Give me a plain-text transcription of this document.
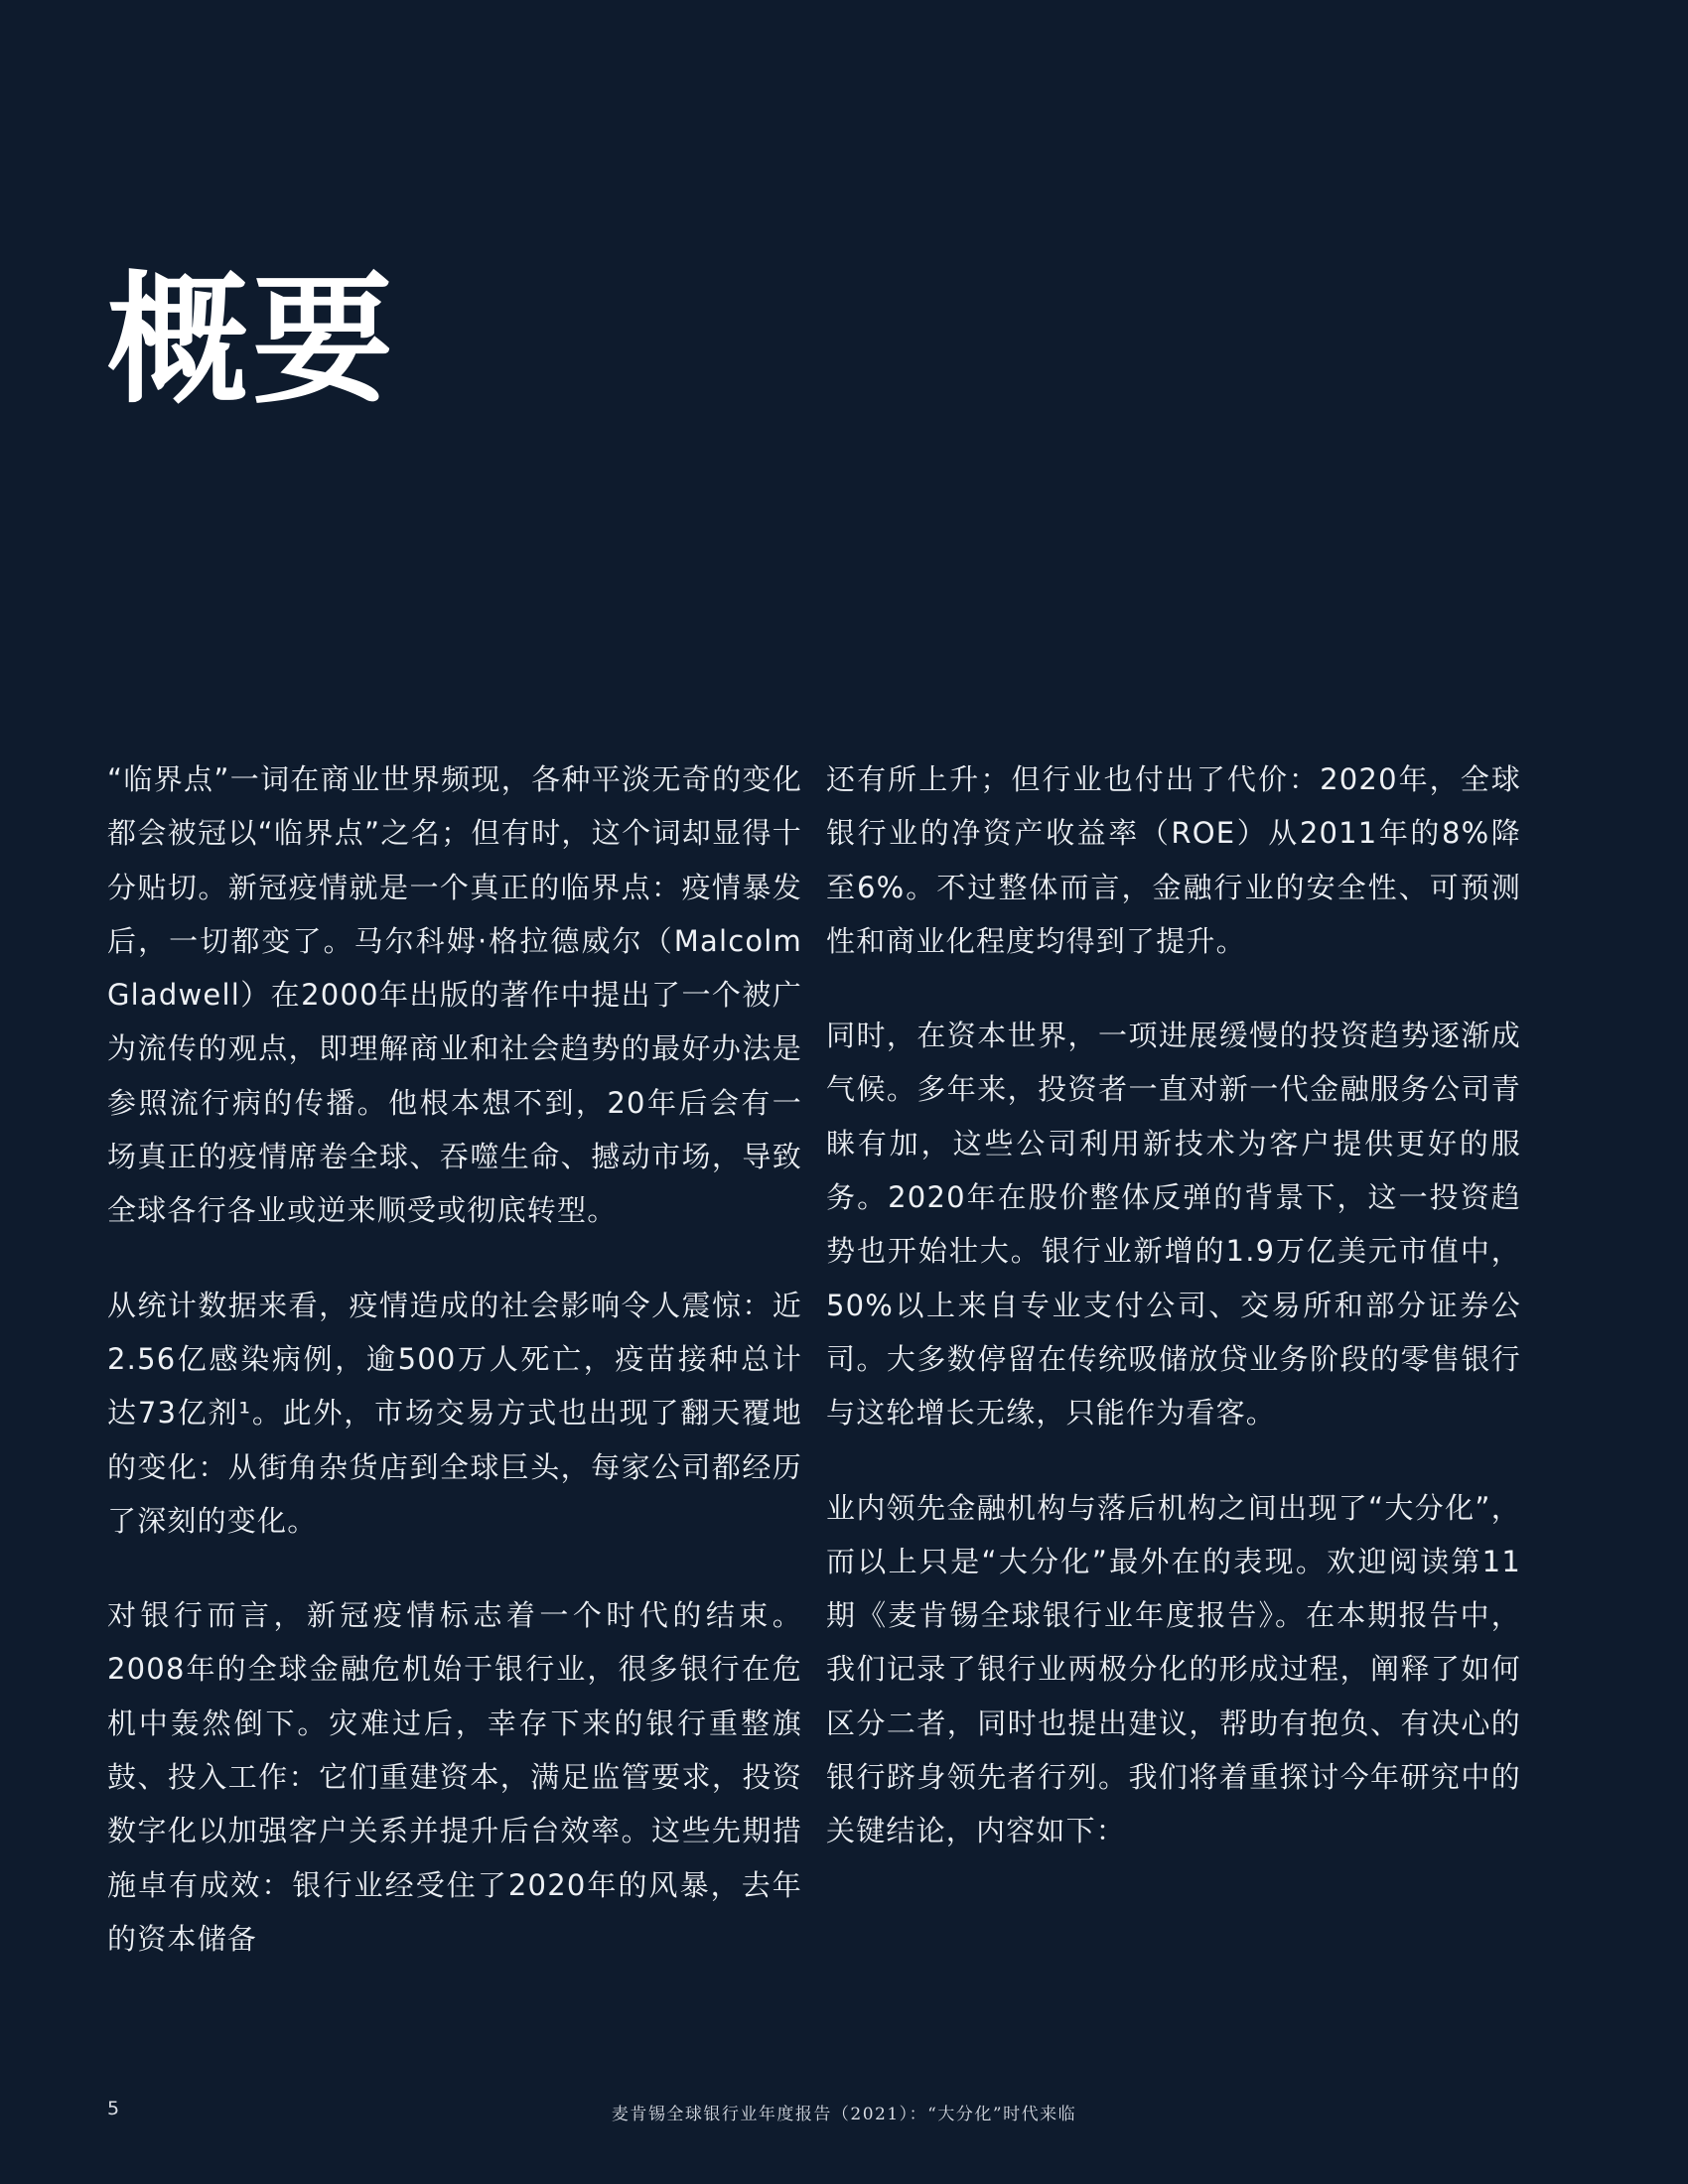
概要

“临界点”一词在商业世界频现，各种平淡无奇的变化都会被冠以“临界点”之名；但有时，这个词却显得十分贴切。新冠疫情就是一个真正的临界点：疫情暴发后，一切都变了。马尔科姆·格拉德威尔（Malcolm Gladwell）在2000年出版的著作中提出了一个被广为流传的观点，即理解商业和社会趋势的最好办法是参照流行病的传播。他根本想不到，20年后会有一场真正的疫情席卷全球、吞噬生命、撼动市场，导致全球各行各业或逆来顺受或彻底转型。

从统计数据来看，疫情造成的社会影响令人震惊：近2.56亿感染病例，逾500万人死亡，疫苗接种总计达73亿剂¹。此外，市场交易方式也出现了翻天覆地的变化：从街角杂货店到全球巨头，每家公司都经历了深刻的变化。

对银行而言，新冠疫情标志着一个时代的结束。2008年的全球金融危机始于银行业，很多银行在危机中轰然倒下。灾难过后，幸存下来的银行重整旗鼓、投入工作：它们重建资本，满足监管要求，投资数字化以加强客户关系并提升后台效率。这些先期措施卓有成效：银行业经受住了2020年的风暴，去年的资本储备

还有所上升；但行业也付出了代价：2020年，全球银行业的净资产收益率（ROE）从2011年的8%降至6%。不过整体而言，金融行业的安全性、可预测性和商业化程度均得到了提升。

同时，在资本世界，一项进展缓慢的投资趋势逐渐成气候。多年来，投资者一直对新一代金融服务公司青睐有加，这些公司利用新技术为客户提供更好的服务。2020年在股价整体反弹的背景下，这一投资趋势也开始壮大。银行业新增的1.9万亿美元市值中，50%以上来自专业支付公司、交易所和部分证券公司。大多数停留在传统吸储放贷业务阶段的零售银行与这轮增长无缘，只能作为看客。

业内领先金融机构与落后机构之间出现了“大分化”，而以上只是“大分化”最外在的表现。欢迎阅读第11期《麦肯锡全球银行业年度报告》。在本期报告中，我们记录了银行业两极分化的形成过程，阐释了如何区分二者，同时也提出建议，帮助有抱负、有决心的银行跻身领先者行列。我们将着重探讨今年研究中的关键结论，内容如下：

5	麦肯锡全球银行业年度报告（2021）：“大分化”时代来临
